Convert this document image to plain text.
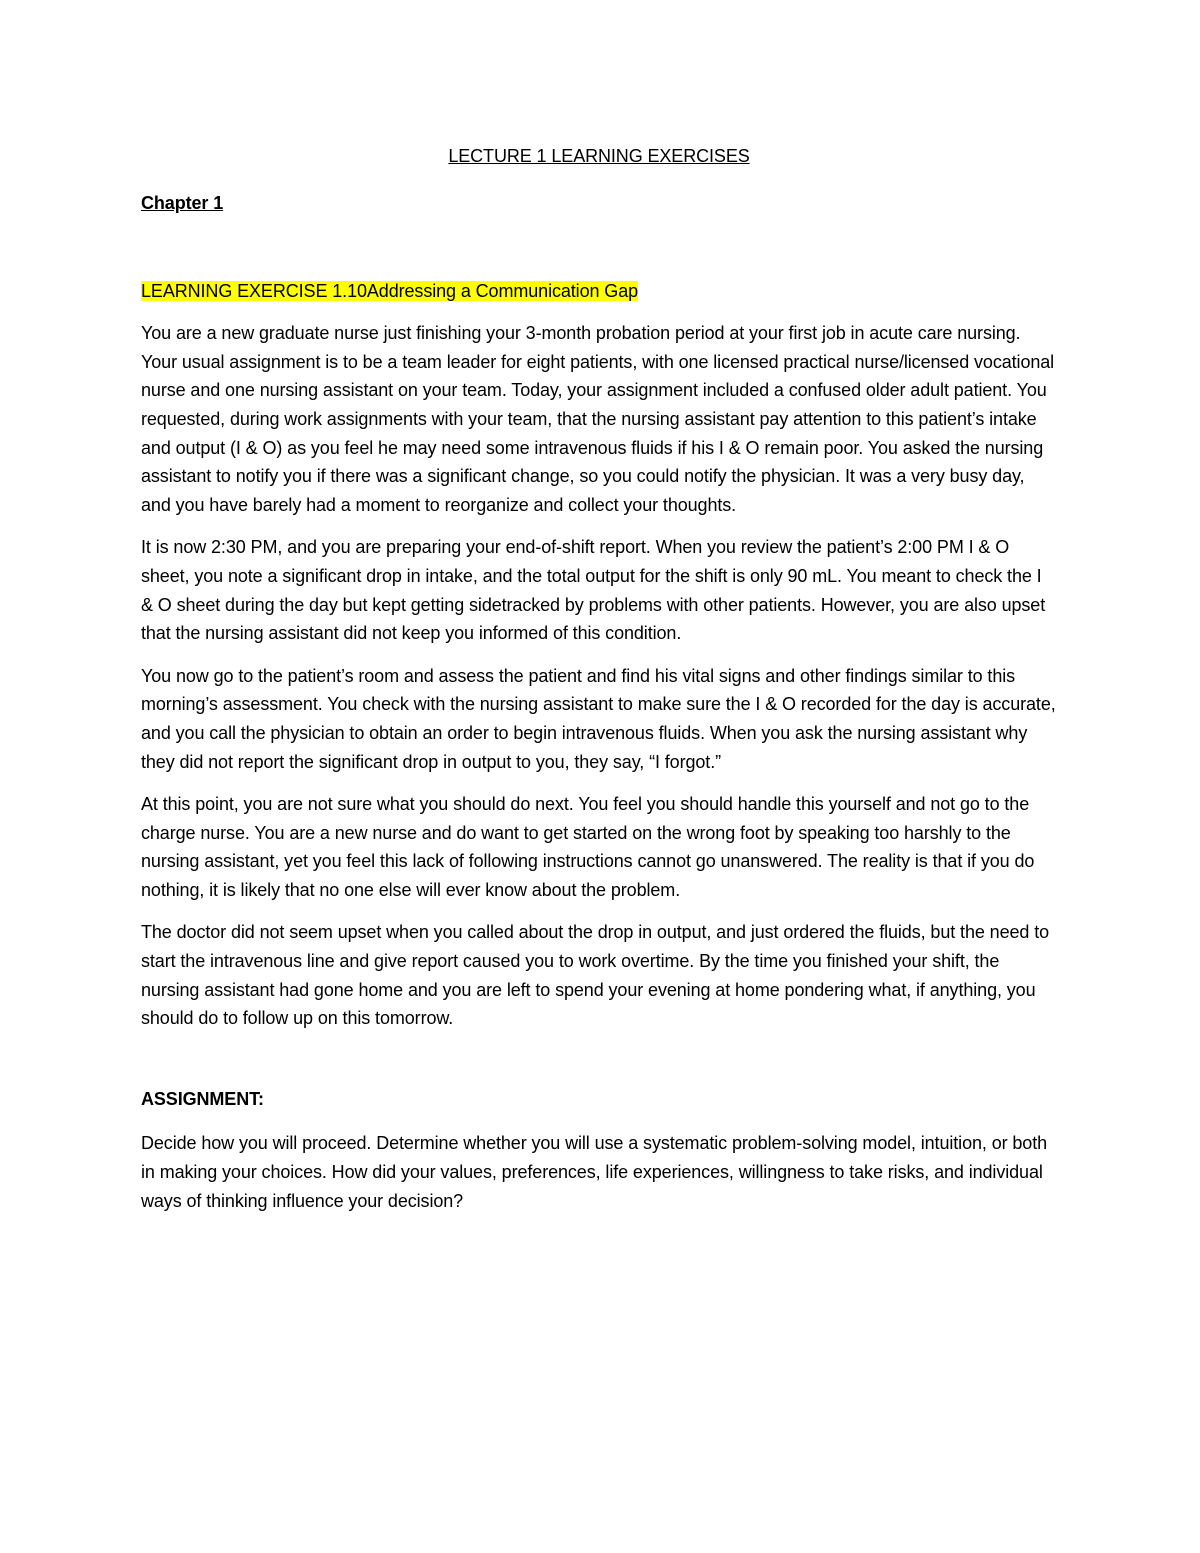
LECTURE 1 LEARNING EXERCISES
Chapter 1
LEARNING EXERCISE 1.10Addressing a Communication Gap

You are a new graduate nurse just finishing your 3-month probation period at your first job in acute care nursing. Your usual assignment is to be a team leader for eight patients, with one licensed practical nurse/licensed vocational nurse and one nursing assistant on your team. Today, your assignment included a confused older adult patient. You requested, during work assignments with your team, that the nursing assistant pay attention to this patient’s intake and output (I & O) as you feel he may need some intravenous fluids if his I & O remain poor. You asked the nursing assistant to notify you if there was a significant change, so you could notify the physician. It was a very busy day, and you have barely had a moment to reorganize and collect your thoughts.

It is now 2:30 PM, and you are preparing your end-of-shift report. When you review the patient’s 2:00 PM I & O sheet, you note a significant drop in intake, and the total output for the shift is only 90 mL. You meant to check the I & O sheet during the day but kept getting sidetracked by problems with other patients. However, you are also upset that the nursing assistant did not keep you informed of this condition.

You now go to the patient’s room and assess the patient and find his vital signs and other findings similar to this morning’s assessment. You check with the nursing assistant to make sure the I & O recorded for the day is accurate, and you call the physician to obtain an order to begin intravenous fluids. When you ask the nursing assistant why they did not report the significant drop in output to you, they say, “I forgot.”

At this point, you are not sure what you should do next. You feel you should handle this yourself and not go to the charge nurse. You are a new nurse and do want to get started on the wrong foot by speaking too harshly to the nursing assistant, yet you feel this lack of following instructions cannot go unanswered. The reality is that if you do nothing, it is likely that no one else will ever know about the problem.

The doctor did not seem upset when you called about the drop in output, and just ordered the fluids, but the need to start the intravenous line and give report caused you to work overtime. By the time you finished your shift, the nursing assistant had gone home and you are left to spend your evening at home pondering what, if anything, you should do to follow up on this tomorrow.

ASSIGNMENT:

Decide how you will proceed. Determine whether you will use a systematic problem-solving model, intuition, or both in making your choices. How did your values, preferences, life experiences, willingness to take risks, and individual ways of thinking influence your decision?
